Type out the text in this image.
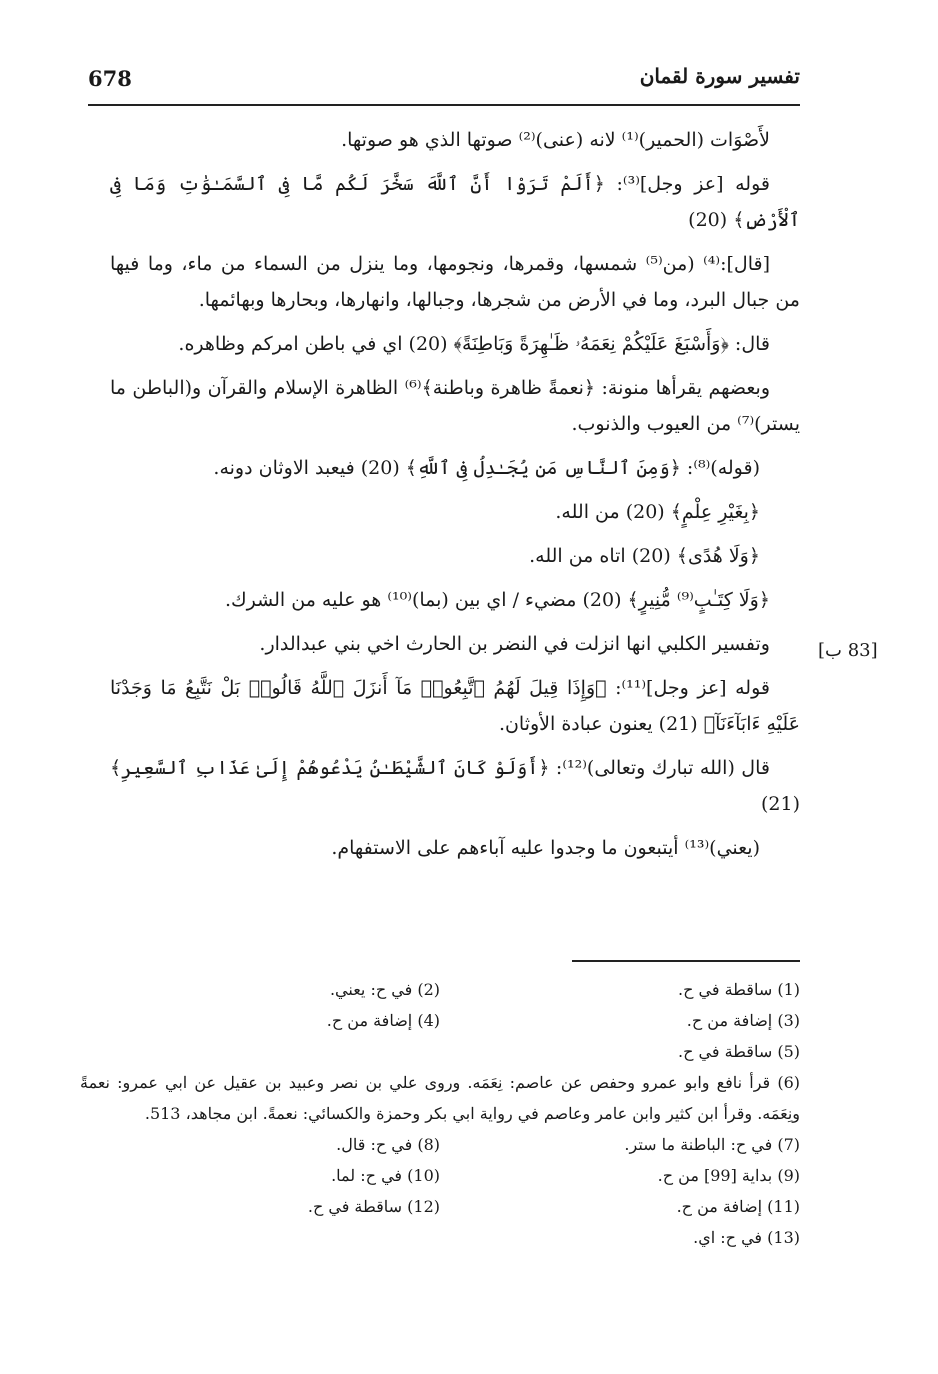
678	تفسير سورة لقمان
[83 ب]

لأَصْوَات (الحمير)⁽¹⁾ لانه (عنى)⁽²⁾ صوتها الذي هو صوتها.

قوله [عز وجل]⁽³⁾: ﴿أَلَمْ تَرَوْا أَنَّ ٱللَّهَ سَخَّرَ لَكُم مَّا فِى ٱلسَّمَـٰوَٰتِ وَمَا فِى ٱلْأَرْضِ﴾ (20)

[قال]:⁽⁴⁾ (من⁽⁵⁾ شمسها، وقمرها، ونجومها، وما ينزل من السماء من ماء، وما فيها من جبال البرد، وما في الأرض من شجرها، وجبالها، وانهارها، وبحارها وبهائمها.

قال: ﴿وَأَسْبَغَ عَلَيْكُمْ نِعَمَهُۥ ظَـٰهِرَةً وَبَاطِنَةً﴾ (20) اي في باطن امركم وظاهره.

وبعضهم يقرأها منونة: ﴿نعمةً ظاهرة وباطنة﴾⁽⁶⁾ الظاهرة الإسلام والقرآن و(الباطن ما يستر)⁽⁷⁾ من العيوب والذنوب.

(قوله)⁽⁸⁾: ﴿وَمِنَ ٱلنَّاسِ مَن يُجَـٰدِلُ فِى ٱللَّهِ﴾ (20) فيعبد الاوثان دونه.

﴿بِغَيْرِ عِلْمٍ﴾ (20) من الله.

﴿وَلَا هُدًى﴾ (20) اتاه من الله.

﴿وَلَا كِتَـٰبٍ⁽⁹⁾ مُّنِيرٍ﴾ (20) مضيء / اي بين (بما)⁽¹⁰⁾ هو عليه من الشرك.

وتفسير الكلبي انها انزلت في النضر بن الحارث اخي بني عبدالدار.

قوله [عز وجل]⁽¹¹⁾: ﴿وَإِذَا قِيلَ لَهُمُ ٱتَّبِعُوا۟ مَآ أَنزَلَ ٱللَّهُ قَالُوا۟ بَلْ نَتَّبِعُ مَا وَجَدْنَا عَلَيْهِ ءَابَآءَنَآ﴾ (21) يعنون عبادة الأوثان.

قال (الله تبارك وتعالى)⁽¹²⁾: ﴿أَوَلَوْ كَانَ ٱلشَّيْطَـٰنُ يَدْعُوهُمْ إِلَىٰ عَذَابِ ٱلسَّعِيرِ﴾ (21)

(يعني)⁽¹³⁾ أيتبعون ما وجدوا عليه آباءهم على الاستفهام.

(1) ساقطة في ح.
(2) في ح: يعني.
(3) إضافة من ح.
(4) إضافة من ح.
(5) ساقطة في ح.
(6) قرأ نافع وابو عمرو وحفص عن عاصم: نِعَمَه. وروى علي بن نصر وعبيد بن عقيل عن ابي عمرو: نعمةً ونِعَمَه. وقرأ ابن كثير وابن عامر وعاصم في رواية ابي بكر وحمزة والكسائي: نعمةً. ابن مجاهد، 513.
(7) في ح: الباطنة ما ستر.
(8) في ح: قال.
(9) بداية [99] من ح.
(10) في ح: لما.
(11) إضافة من ح.
(12) ساقطة في ح.
(13) في ح: اي.
